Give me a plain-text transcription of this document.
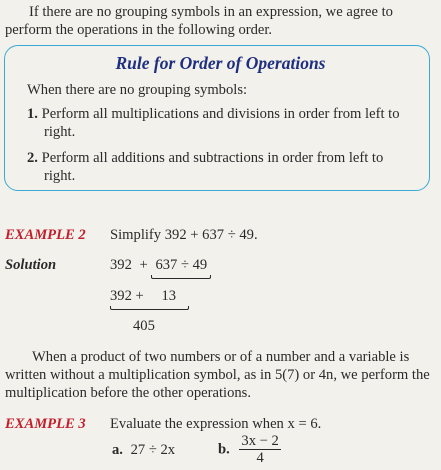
If there are no grouping symbols in an expression, we agree to

perform the operations in the following order.

Rule for Order of Operations
When there are no grouping symbols:
1. Perform all multiplications and divisions in order from left to
right.
2. Perform all additions and subtractions in order from left to
right.
EXAMPLE 2 Simplify 392 + 637 ÷ 49.
Solution	392 + 637 ÷ 49
392 + 13
405

When a product of two numbers or of a number and a variable is

written without a multiplication symbol, as in 5(7) or 4n, we perform the

multiplication before the other operations.

EXAMPLE 3 Evaluate the expression when x = 6.
a. 27 ÷ 2x	b. $\frac{3x - 2}{4}$
